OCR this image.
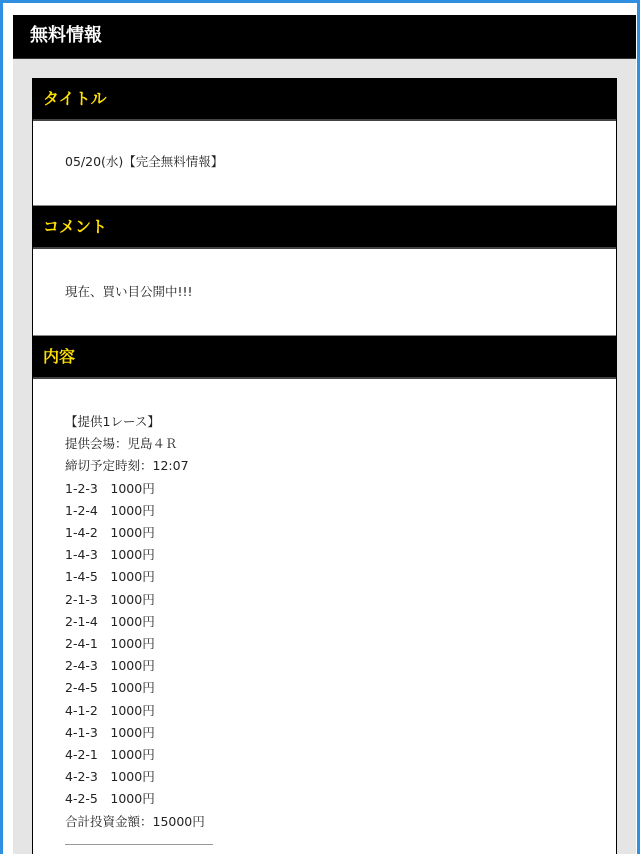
無料情報
タイトル
05/20(水)【完全無料情報】
コメント
現在、買い目公開中!!!
内容
【提供1レース】
提供会場：児島４Ｒ
締切予定時刻：12:07
1-2-3　1000円
1-2-4　1000円
1-4-2　1000円
1-4-3　1000円
1-4-5　1000円
2-1-3　1000円
2-1-4　1000円
2-4-1　1000円
2-4-3　1000円
2-4-5　1000円
4-1-2　1000円
4-1-3　1000円
4-2-1　1000円
4-2-3　1000円
4-2-5　1000円
合計投資金額：15000円
